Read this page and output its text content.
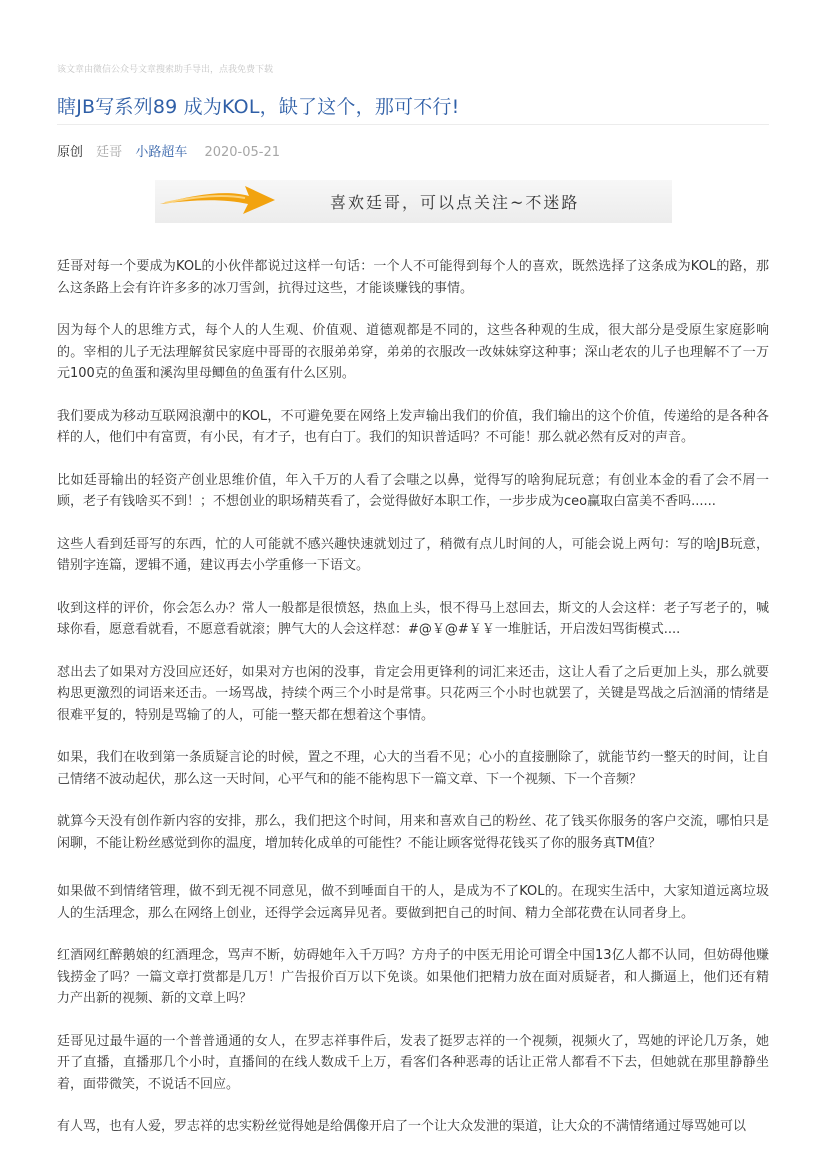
该文章由微信公众号文章搜索助手导出，点我免费下载
瞎JB写系列89 成为KOL，缺了这个，那可不行!
原创 廷哥 小路超车 2020-05-21
喜欢廷哥，可以点关注~不迷路

廷哥对每一个要成为KOL的小伙伴都说过这样一句话：一个人不可能得到每个人的喜欢，既然选择了这条成为KOL的路，那么这条路上会有许许多多的冰刀雪剑，抗得过这些，才能谈赚钱的事情。

因为每个人的思维方式，每个人的人生观、价值观、道德观都是不同的，这些各种观的生成，很大部分是受原生家庭影响的。宰相的儿子无法理解贫民家庭中哥哥的衣服弟弟穿，弟弟的衣服改一改妹妹穿这种事；深山老农的儿子也理解不了一万元100克的鱼蛋和溪沟里母鲫鱼的鱼蛋有什么区别。

我们要成为移动互联网浪潮中的KOL，不可避免要在网络上发声输出我们的价值，我们输出的这个价值，传递给的是各种各样的人，他们中有富贾，有小民，有才子，也有白丁。我们的知识普适吗？不可能！那么就必然有反对的声音。

比如廷哥输出的轻资产创业思维价值，年入千万的人看了会嗤之以鼻，觉得写的啥狗屁玩意；有创业本金的看了会不屑一顾，老子有钱啥买不到！；不想创业的职场精英看了，会觉得做好本职工作，一步步成为ceo赢取白富美不香吗......

这些人看到廷哥写的东西，忙的人可能就不感兴趣快速就划过了，稍微有点儿时间的人，可能会说上两句：写的啥JB玩意，错别字连篇，逻辑不通，建议再去小学重修一下语文。

收到这样的评价，你会怎么办？常人一般都是很愤怒，热血上头，恨不得马上怼回去，斯文的人会这样：老子写老子的，喊球你看，愿意看就看，不愿意看就滚；脾气大的人会这样怼：#@￥@#￥￥一堆脏话，开启泼妇骂街模式....

怼出去了如果对方没回应还好，如果对方也闲的没事，肯定会用更锋利的词汇来还击，这让人看了之后更加上头，那么就要构思更激烈的词语来还击。一场骂战，持续个两三个小时是常事。只花两三个小时也就罢了，关键是骂战之后汹涌的情绪是很难平复的，特别是骂输了的人，可能一整天都在想着这个事情。

如果，我们在收到第一条质疑言论的时候，置之不理，心大的当看不见；心小的直接删除了，就能节约一整天的时间，让自己情绪不波动起伏，那么这一天时间，心平气和的能不能构思下一篇文章、下一个视频、下一个音频？

就算今天没有创作新内容的安排，那么，我们把这个时间，用来和喜欢自己的粉丝、花了钱买你服务的客户交流，哪怕只是闲聊，不能让粉丝感觉到你的温度，增加转化成单的可能性？不能让顾客觉得花钱买了你的服务真TM值？

如果做不到情绪管理，做不到无视不同意见，做不到唾面自干的人，是成为不了KOL的。在现实生活中，大家知道远离垃圾人的生活理念，那么在网络上创业，还得学会远离异见者。要做到把自己的时间、精力全部花费在认同者身上。

红酒网红醉鹅娘的红酒理念，骂声不断，妨碍她年入千万吗？方舟子的中医无用论可谓全中国13亿人都不认同，但妨碍他赚钱捞金了吗？一篇文章打赏都是几万！广告报价百万以下免谈。如果他们把精力放在面对质疑者，和人撕逼上，他们还有精力产出新的视频、新的文章上吗？

廷哥见过最牛逼的一个普普通通的女人，在罗志祥事件后，发表了挺罗志祥的一个视频，视频火了，骂她的评论几万条，她开了直播，直播那几个小时，直播间的在线人数成千上万，看客们各种恶毒的话让正常人都看不下去，但她就在那里静静坐着，面带微笑，不说话不回应。

有人骂，也有人爱，罗志祥的忠实粉丝觉得她是给偶像开启了一个让大众发泄的渠道，让大众的不满情绪通过辱骂她可以
